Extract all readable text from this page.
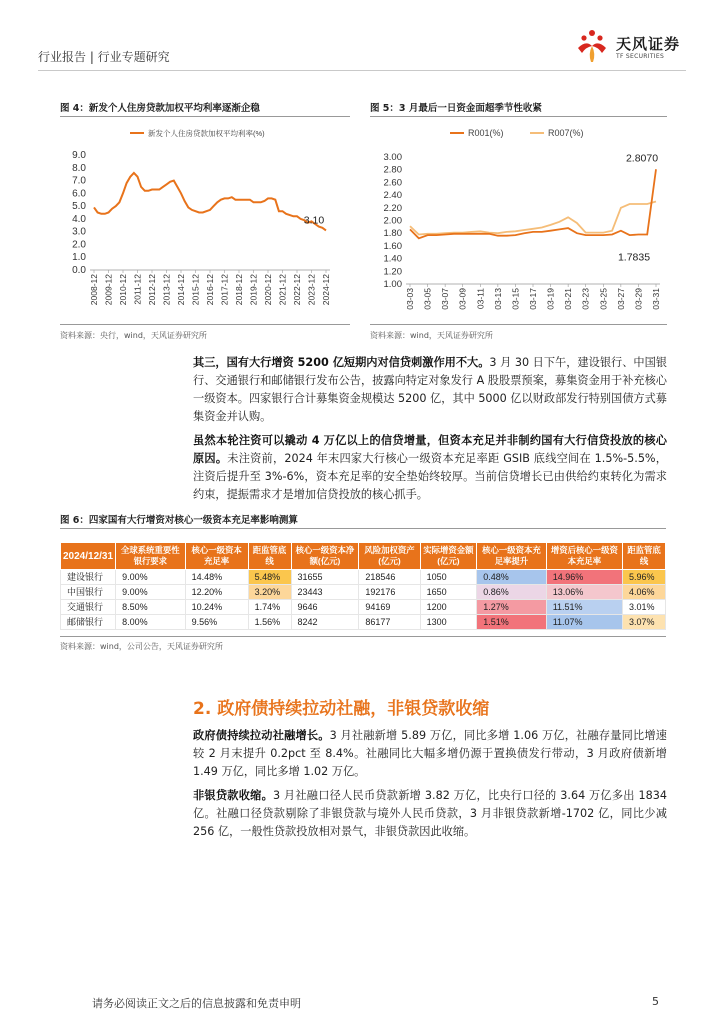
行业报告 | 行业专题研究
天风证券
TF SECURITIES
图 4：新发个人住房贷款加权平均利率逐渐企稳
新发个人住房贷款加权平均利率(%)
0.0
1.0
2.0
3.0
4.0
5.0
6.0
7.0
8.0
9.0
2008-12 2009-12 2010-12 2011-12 2012-12 2013-12 2014-12 2015-12 2016-12 2017-12 2018-12 2019-12 2020-12 2021-12 2022-12 2023-12 2024-12
3.10
资料来源：央行，wind，天风证券研究所
图 5：3 月最后一日资金面超季节性收紧
R001(%)	R007(%)
1.00
1.20
1.40
1.60
1.80
2.00
2.20
2.40
2.60
2.80
3.00
03-03 03-05 03-07 03-09 03-11 03-13 03-15 03-17 03-19 03-21 03-23 03-25 03-27 03-29 03-31
2.8070
1.7835
资料来源：wind，天风证券研究所
其三，国有大行增资 5200 亿短期内对信贷刺激作用不大。3 月 30 日下午，建设银行、中国银行、交通银行和邮储银行发布公告，披露向特定对象发行 A 股股票预案，募集资金用于补充核心一级资本。四家银行合计募集资金规模达 5200 亿，其中 5000 亿以财政部发行特别国债方式募集资金并认购。
虽然本轮注资可以撬动 4 万亿以上的信贷增量，但资本充足并非制约国有大行信贷投放的核心原因。未注资前，2024 年末四家大行核心一级资本充足率距 GSIB 底线空间在 1.5%-5.5%，注资后提升至 3%-6%，资本充足率的安全垫始终较厚。当前信贷增长已由供给约束转化为需求约束，提振需求才是增加信贷投放的核心抓手。
图 6：四家国有大行增资对核心一级资本充足率影响测算
2024/12/31	全球系统重要性银行要求	核心一级资本充足率	距监管底线	核心一级资本净额(亿元)	风险加权资产(亿元)	实际增资金额(亿元)	核心一级资本充足率提升	增资后核心一级资本充足率	距监管底线
建设银行	9.00%	14.48%	5.48%	31655	218546	1050	0.48%	14.96%	5.96%
中国银行	9.00%	12.20%	3.20%	23443	192176	1650	0.86%	13.06%	4.06%
交通银行	8.50%	10.24%	1.74%	9646	94169	1200	1.27%	11.51%	3.01%
邮储银行	8.00%	9.56%	1.56%	8242	86177	1300	1.51%	11.07%	3.07%
资料来源：wind，公司公告，天风证券研究所
2. 政府债持续拉动社融，非银贷款收缩
政府债持续拉动社融增长。3 月社融新增 5.89 万亿，同比多增 1.06 万亿，社融存量同比增速较 2 月末提升 0.2pct 至 8.4%。社融同比大幅多增仍源于置换债发行带动，3 月政府债新增 1.49 万亿，同比多增 1.02 万亿。
非银贷款收缩。3 月社融口径人民币贷款新增 3.82 万亿，比央行口径的 3.64 万亿多出 1834 亿。社融口径贷款剔除了非银贷款与境外人民币贷款，3 月非银贷款新增-1702 亿，同比少减 256 亿，一般性贷款投放相对景气，非银贷款因此收缩。
请务必阅读正文之后的信息披露和免责申明	5
